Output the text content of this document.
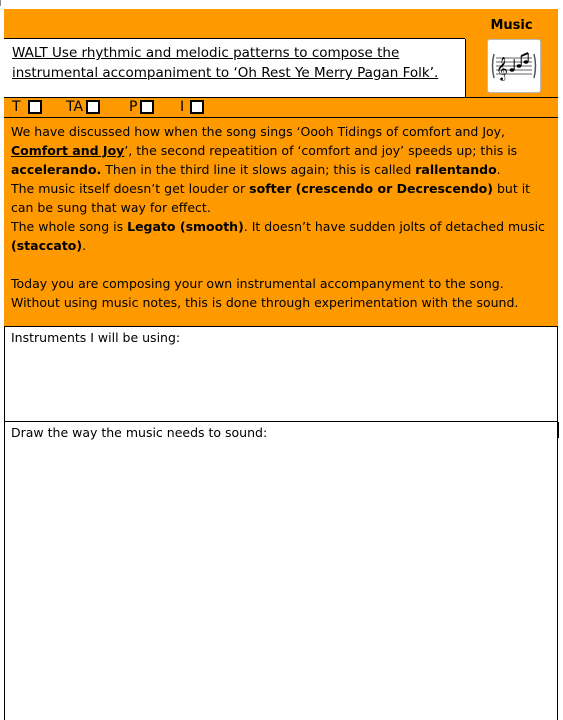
Music
𝄞

WALT Use rhythmic and melodic patterns to compose the instrumental accompaniment to ‘Oh Rest Ye Merry Pagan Folk’.

T	TA	P	I

We have discussed how when the song sings ‘Oooh Tidings of comfort and Joy, Comfort and Joy’, the second repeatition of ‘comfort and joy’ speeds up; this is accelerando. Then in the third line it slows again; this is called rallentando.

The music itself doesn’t get louder or softer (crescendo or Decrescendo) but it can be sung that way for effect.

The whole song is Legato (smooth). It doesn’t have sudden jolts of detached music (staccato).

Today you are composing your own instrumental accompanyment to the song. Without using music notes, this is done through experimentation with the sound.

Instruments I will be using:
Draw the way the music needs to sound:
